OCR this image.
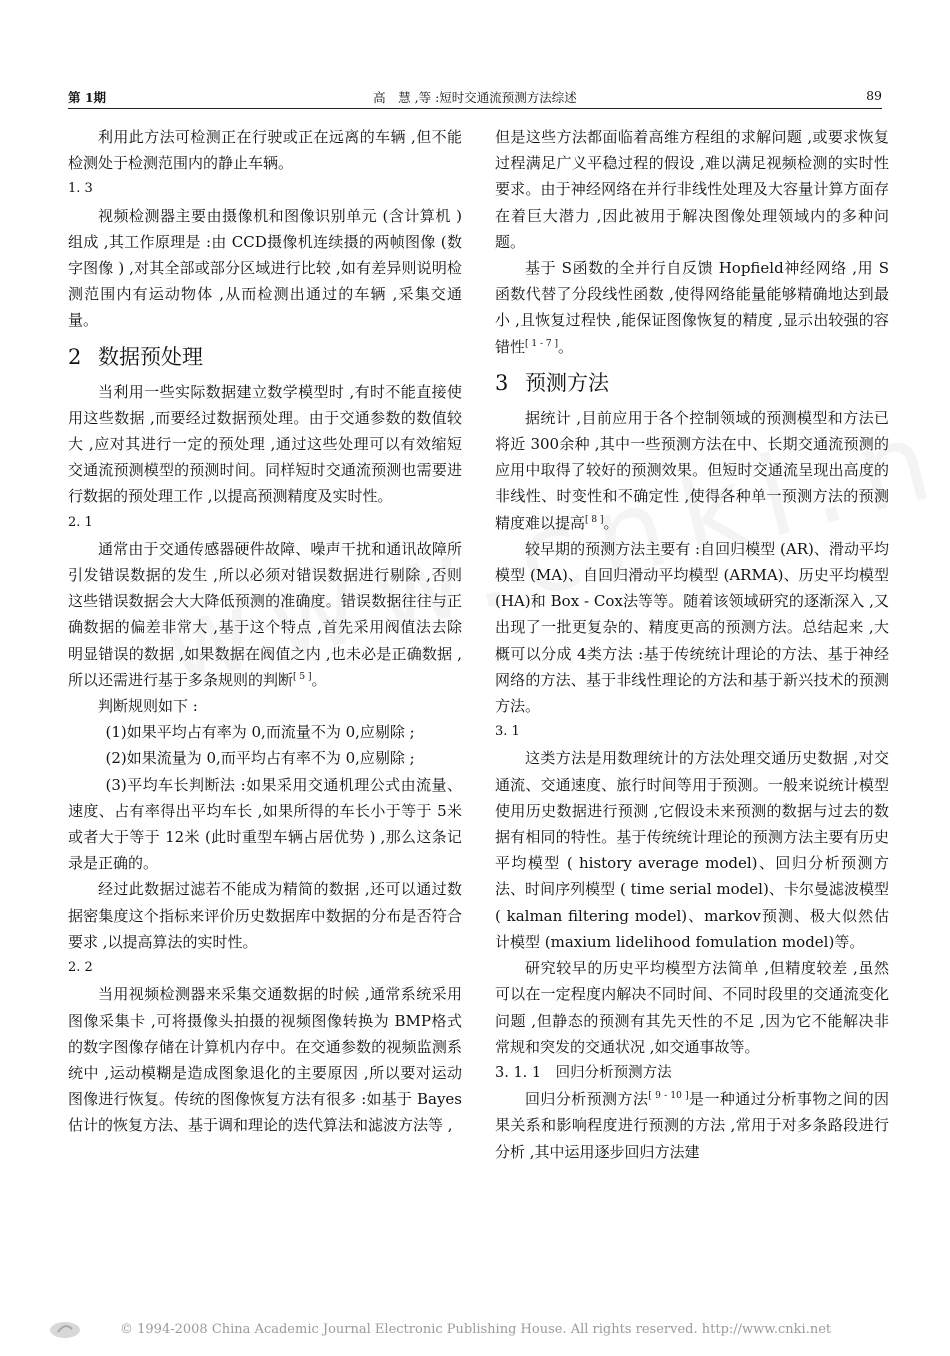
第 1期	高　慧 ,等 :短时交通流预测方法综述	89

利用此方法可检测正在行驶或正在远离的车辆 ,但不能检测处于检测范围内的静止车辆。

1. 3

视频检测器主要由摄像机和图像识别单元 (含计算机 )组成 ,其工作原理是 :由 CCD摄像机连续摄的两帧图像 (数字图像 ) ,对其全部或部分区域进行比较 ,如有差异则说明检测范围内有运动物体 ,从而检测出通过的车辆 ,采集交通量。

2 数据预处理

当利用一些实际数据建立数学模型时 ,有时不能直接使用这些数据 ,而要经过数据预处理。由于交通参数的数值较大 ,应对其进行一定的预处理 ,通过这些处理可以有效缩短交通流预测模型的预测时间。同样短时交通流预测也需要进行数据的预处理工作 ,以提高预测精度及实时性。

2. 1

通常由于交通传感器硬件故障、噪声干扰和通讯故障所引发错误数据的发生 ,所以必须对错误数据进行剔除 ,否则这些错误数据会大大降低预测的准确度。错误数据往往与正确数据的偏差非常大 ,基于这个特点 ,首先采用阀值法去除明显错误的数据 ,如果数据在阀值之内 ,也未必是正确数据 ,所以还需进行基于多条规则的判断[ 5 ]。

判断规则如下 :

(1)如果平均占有率为 0,而流量不为 0,应剔除 ;

(2)如果流量为 0,而平均占有率不为 0,应剔除 ;

(3)平均车长判断法 :如果采用交通机理公式由流量、速度、占有率得出平均车长 ,如果所得的车长小于等于 5米或者大于等于 12米 (此时重型车辆占居优势 ) ,那么这条记录是正确的。

经过此数据过滤若不能成为精简的数据 ,还可以通过数据密集度这个指标来评价历史数据库中数据的分布是否符合要求 ,以提高算法的实时性。

2. 2

当用视频检测器来采集交通数据的时候 ,通常系统采用图像采集卡 ,可将摄像头拍摄的视频图像转换为 BMP格式的数字图像存储在计算机内存中。在交通参数的视频监测系统中 ,运动模糊是造成图象退化的主要原因 ,所以要对运动图像进行恢复。传统的图像恢复方法有很多 :如基于 Bayes估计的恢复方法、基于调和理论的迭代算法和滤波方法等 ,

但是这些方法都面临着高维方程组的求解问题 ,或要求恢复过程满足广义平稳过程的假设 ,难以满足视频检测的实时性要求。由于神经网络在并行非线性处理及大容量计算方面存在着巨大潜力 ,因此被用于解决图像处理领域内的多种问题。

基于 S函数的全并行自反馈 Hopfield神经网络 ,用 S函数代替了分段线性函数 ,使得网络能量能够精确地达到最小 ,且恢复过程快 ,能保证图像恢复的精度 ,显示出较强的容错性[ 1 - 7 ]。

3 预测方法

据统计 ,目前应用于各个控制领域的预测模型和方法已将近 300余种 ,其中一些预测方法在中、长期交通流预测的应用中取得了较好的预测效果。但短时交通流呈现出高度的非线性、时变性和不确定性 ,使得各种单一预测方法的预测精度难以提高[ 8 ]。

较早期的预测方法主要有 :自回归模型 (AR)、滑动平均模型 (MA)、自回归滑动平均模型 (ARMA)、历史平均模型 (HA)和 Box - Cox法等等。随着该领域研究的逐渐深入 ,又出现了一批更复杂的、精度更高的预测方法。总结起来 ,大概可以分成 4类方法 :基于传统统计理论的方法、基于神经网络的方法、基于非线性理论的方法和基于新兴技术的预测方法。

3. 1

这类方法是用数理统计的方法处理交通历史数据 ,对交通流、交通速度、旅行时间等用于预测。一般来说统计模型使用历史数据进行预测 ,它假设未来预测的数据与过去的数据有相同的特性。基于传统统计理论的预测方法主要有历史平均模型 ( history average model)、回归分析预测方法、时间序列模型 ( time serial model)、卡尔曼滤波模型 ( kalman filtering model)、markov预测、极大似然估计模型 (maxium lidelihood fomulation model)等。

研究较早的历史平均模型方法简单 ,但精度较差 ,虽然可以在一定程度内解决不同时间、不同时段里的交通流变化问题 ,但静态的预测有其先天性的不足 ,因为它不能解决非常规和突发的交通状况 ,如交通事故等。

3. 1. 1　回归分析预测方法

回归分析预测方法[ 9 - 10 ]是一种通过分析事物之间的因果关系和影响程度进行预测的方法 ,常用于对多条路段进行分析 ,其中运用逐步回归方法建

© 1994-2008 China Academic Journal Electronic Publishing House. All rights reserved. http://www.cnki.net
